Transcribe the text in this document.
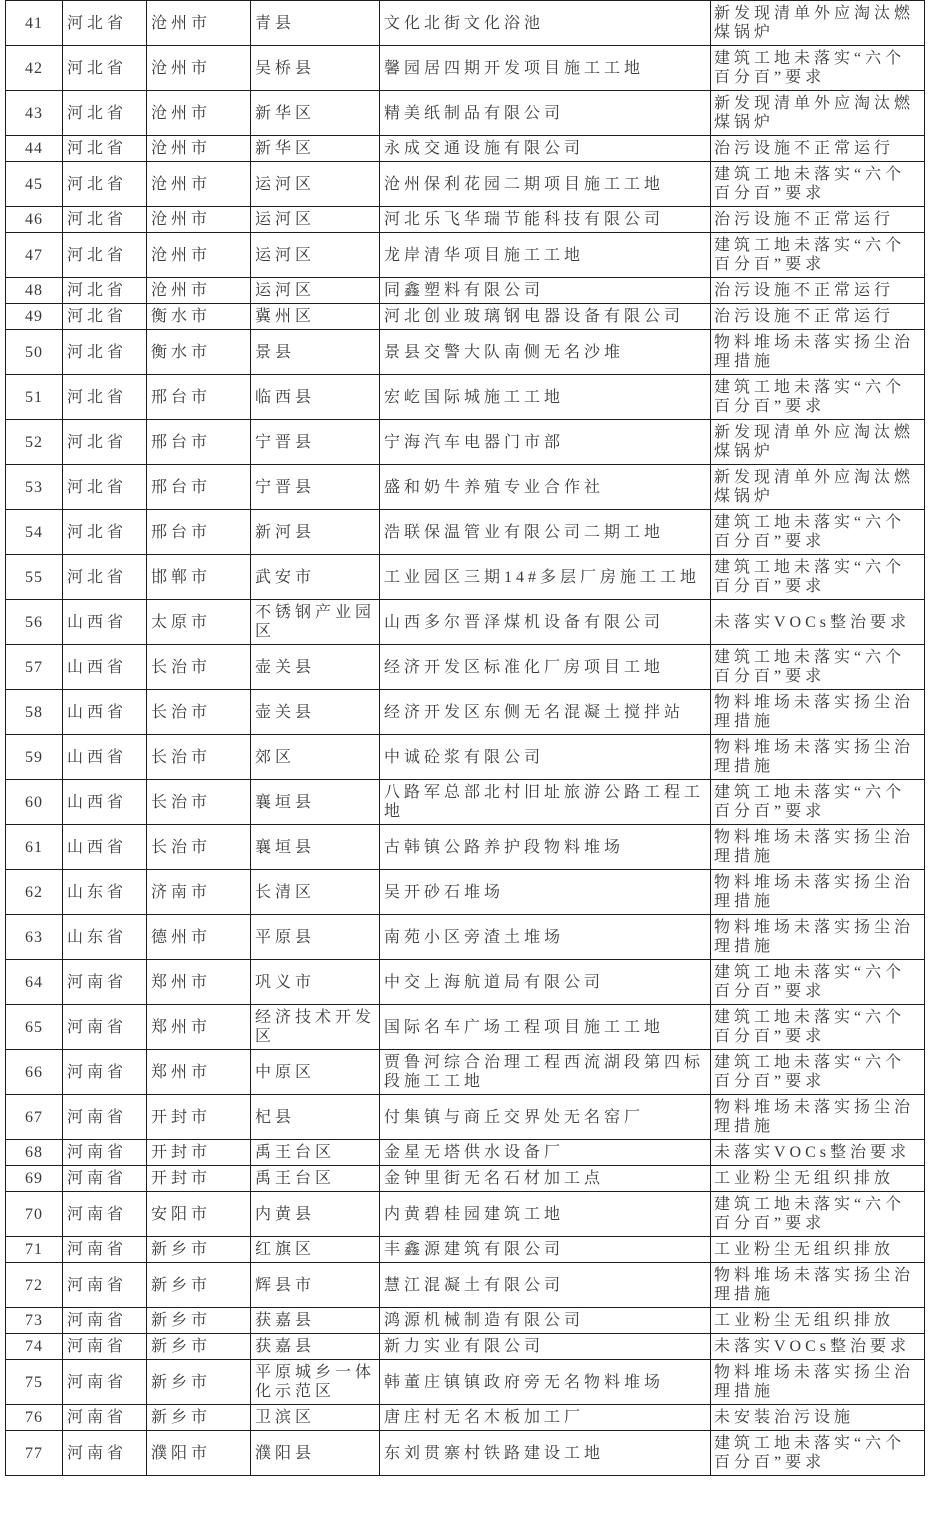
41	河北省	沧州市	青县	文化北街文化浴池	新发现清单外应淘汰燃煤锅炉
42	河北省	沧州市	吴桥县	馨园居四期开发项目施工工地	建筑工地未落实“六个百分百”要求
43	河北省	沧州市	新华区	精美纸制品有限公司	新发现清单外应淘汰燃煤锅炉
44	河北省	沧州市	新华区	永成交通设施有限公司	治污设施不正常运行
45	河北省	沧州市	运河区	沧州保利花园二期项目施工工地	建筑工地未落实“六个百分百”要求
46	河北省	沧州市	运河区	河北乐飞华瑞节能科技有限公司	治污设施不正常运行
47	河北省	沧州市	运河区	龙岸清华项目施工工地	建筑工地未落实“六个百分百”要求
48	河北省	沧州市	运河区	同鑫塑料有限公司	治污设施不正常运行
49	河北省	衡水市	冀州区	河北创业玻璃钢电器设备有限公司	治污设施不正常运行
50	河北省	衡水市	景县	景县交警大队南侧无名沙堆	物料堆场未落实扬尘治理措施
51	河北省	邢台市	临西县	宏屹国际城施工工地	建筑工地未落实“六个百分百”要求
52	河北省	邢台市	宁晋县	宁海汽车电器门市部	新发现清单外应淘汰燃煤锅炉
53	河北省	邢台市	宁晋县	盛和奶牛养殖专业合作社	新发现清单外应淘汰燃煤锅炉
54	河北省	邢台市	新河县	浩联保温管业有限公司二期工地	建筑工地未落实“六个百分百”要求
55	河北省	邯郸市	武安市	工业园区三期14#多层厂房施工工地	建筑工地未落实“六个百分百”要求
56	山西省	太原市	不锈钢产业园区	山西多尔晋泽煤机设备有限公司	未落实VOCs整治要求
57	山西省	长治市	壶关县	经济开发区标准化厂房项目工地	建筑工地未落实“六个百分百”要求
58	山西省	长治市	壶关县	经济开发区东侧无名混凝土搅拌站	物料堆场未落实扬尘治理措施
59	山西省	长治市	郊区	中诚砼浆有限公司	物料堆场未落实扬尘治理措施
60	山西省	长治市	襄垣县	八路军总部北村旧址旅游公路工程工地	建筑工地未落实“六个百分百”要求
61	山西省	长治市	襄垣县	古韩镇公路养护段物料堆场	物料堆场未落实扬尘治理措施
62	山东省	济南市	长清区	吴开砂石堆场	物料堆场未落实扬尘治理措施
63	山东省	德州市	平原县	南苑小区旁渣土堆场	物料堆场未落实扬尘治理措施
64	河南省	郑州市	巩义市	中交上海航道局有限公司	建筑工地未落实“六个百分百”要求
65	河南省	郑州市	经济技术开发区	国际名车广场工程项目施工工地	建筑工地未落实“六个百分百”要求
66	河南省	郑州市	中原区	贾鲁河综合治理工程西流湖段第四标段施工工地	建筑工地未落实“六个百分百”要求
67	河南省	开封市	杞县	付集镇与商丘交界处无名窑厂	物料堆场未落实扬尘治理措施
68	河南省	开封市	禹王台区	金星无塔供水设备厂	未落实VOCs整治要求
69	河南省	开封市	禹王台区	金钟里街无名石材加工点	工业粉尘无组织排放
70	河南省	安阳市	内黄县	内黄碧桂园建筑工地	建筑工地未落实“六个百分百”要求
71	河南省	新乡市	红旗区	丰鑫源建筑有限公司	工业粉尘无组织排放
72	河南省	新乡市	辉县市	慧江混凝土有限公司	物料堆场未落实扬尘治理措施
73	河南省	新乡市	获嘉县	鸿源机械制造有限公司	工业粉尘无组织排放
74	河南省	新乡市	获嘉县	新力实业有限公司	未落实VOCs整治要求
75	河南省	新乡市	平原城乡一体化示范区	韩董庄镇镇政府旁无名物料堆场	物料堆场未落实扬尘治理措施
76	河南省	新乡市	卫滨区	唐庄村无名木板加工厂	未安装治污设施
77	河南省	濮阳市	濮阳县	东刘贯寨村铁路建设工地	建筑工地未落实“六个百分百”要求
